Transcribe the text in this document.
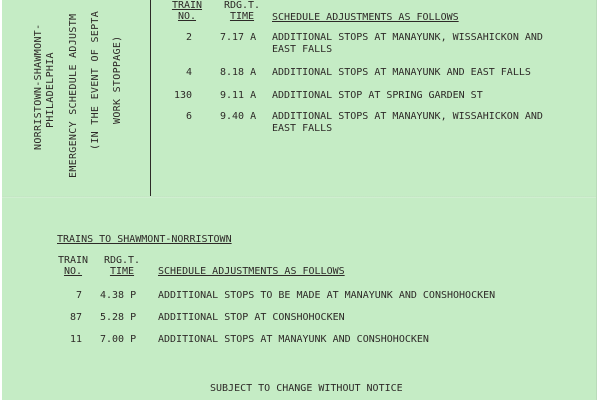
NORRISTOWN-SHAWMONT- PHILADELPHIA EMERGENCY SCHEDULE ADJUSTM (IN THE EVENT OF SEPTA WORK STOPPAGE)
TRAIN
NO.
RDG.T.
TIME	SCHEDULE ADJUSTMENTS AS FOLLOWS
2	7.17 A ADDITIONAL STOPS AT MANAYUNK, WISSAHICKON AND EAST FALLS
4	8.18 A ADDITIONAL STOPS AT MANAYUNK AND EAST FALLS
130	9.11 A ADDITIONAL STOP AT SPRING GARDEN ST
6	9.40 A ADDITIONAL STOPS AT MANAYUNK, WISSAHICKON AND EAST FALLS
TRAINS TO SHAWMONT-NORRISTOWN
TRAIN
NO.
RDG.T.
TIME	SCHEDULE ADJUSTMENTS AS FOLLOWS
7 4.38 P ADDITIONAL STOPS TO BE MADE AT MANAYUNK AND CONSHOHOCKEN
87 5.28 P ADDITIONAL STOP AT CONSHOHOCKEN
11 7.00 P ADDITIONAL STOPS AT MANAYUNK AND CONSHOHOCKEN
SUBJECT TO CHANGE WITHOUT NOTICE
